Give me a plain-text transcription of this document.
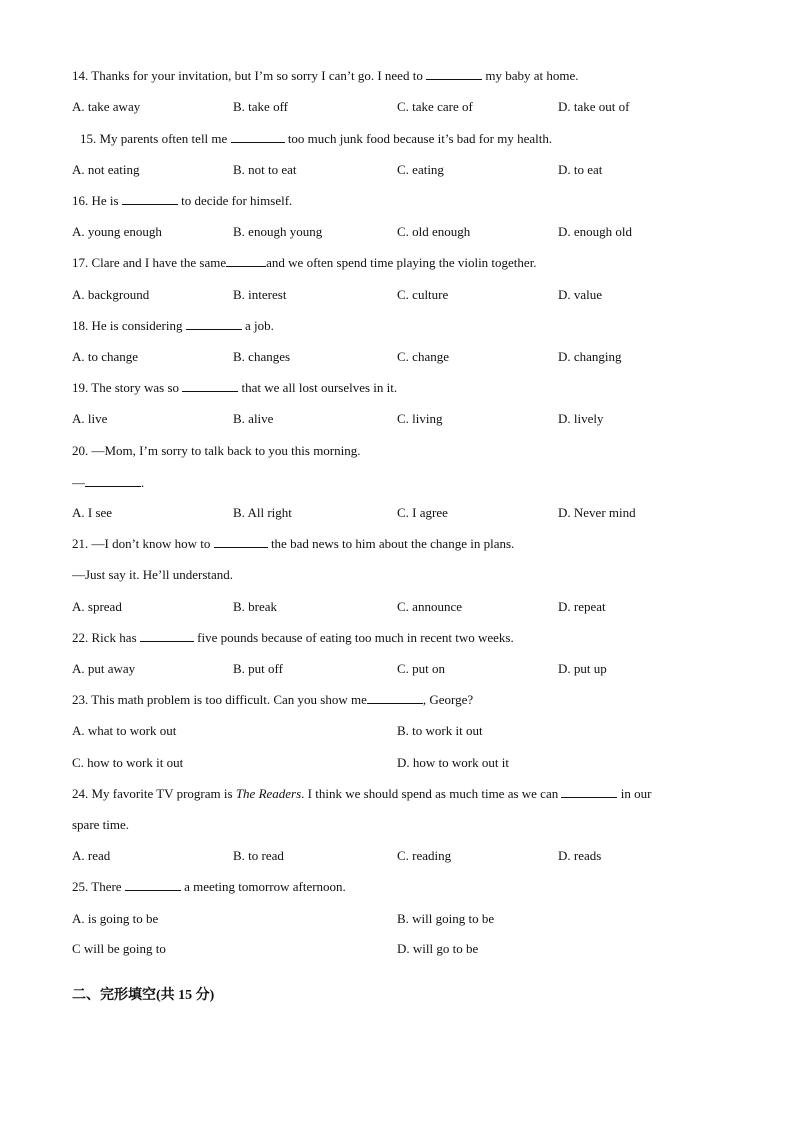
14. Thanks for your invitation, but I’m so sorry I can’t go. I need to	my baby at home.
A. take away	B. take off	C. take care of	D. take out of
15. My parents often tell me	too much junk food because it’s bad for my health.
A. not eating	B. not to eat	C. eating	D. to eat
16. He is	to decide for himself.
A. young enough	B. enough young	C. old enough	D. enough old
17. Clare and I have the same	and we often spend time playing the violin together.
A. background	B. interest	C. culture	D. value
18. He is considering	a job.
A. to change	B. changes	C. change	D. changing
19. The story was so	that we all lost ourselves in it.
A. live	B. alive	C. living	D. lively
20. —Mom, I’m sorry to talk back to you this morning.
—	.
A. I see	B. All right	C. I agree	D. Never mind
21. —I don’t know how to	the bad news to him about the change in plans.
—Just say it. He’ll understand.
A. spread	B. break	C. announce	D. repeat
22. Rick has	five pounds because of eating too much in recent two weeks.
A. put away	B. put off	C. put on	D. put up
23. This math problem is too difficult. Can you show me	, George?
A. what to work out	B. to work it out
C. how to work it out	D. how to work out it
24. My favorite TV program is The Readers. I think we should spend as much time as we can	in our
spare time.
A. read	B. to read	C. reading	D. reads
25. There	a meeting tomorrow afternoon.
A. is going to be	B. will going to be
C will be going to	D. will go to be
二、完形填空(共 15 分)
